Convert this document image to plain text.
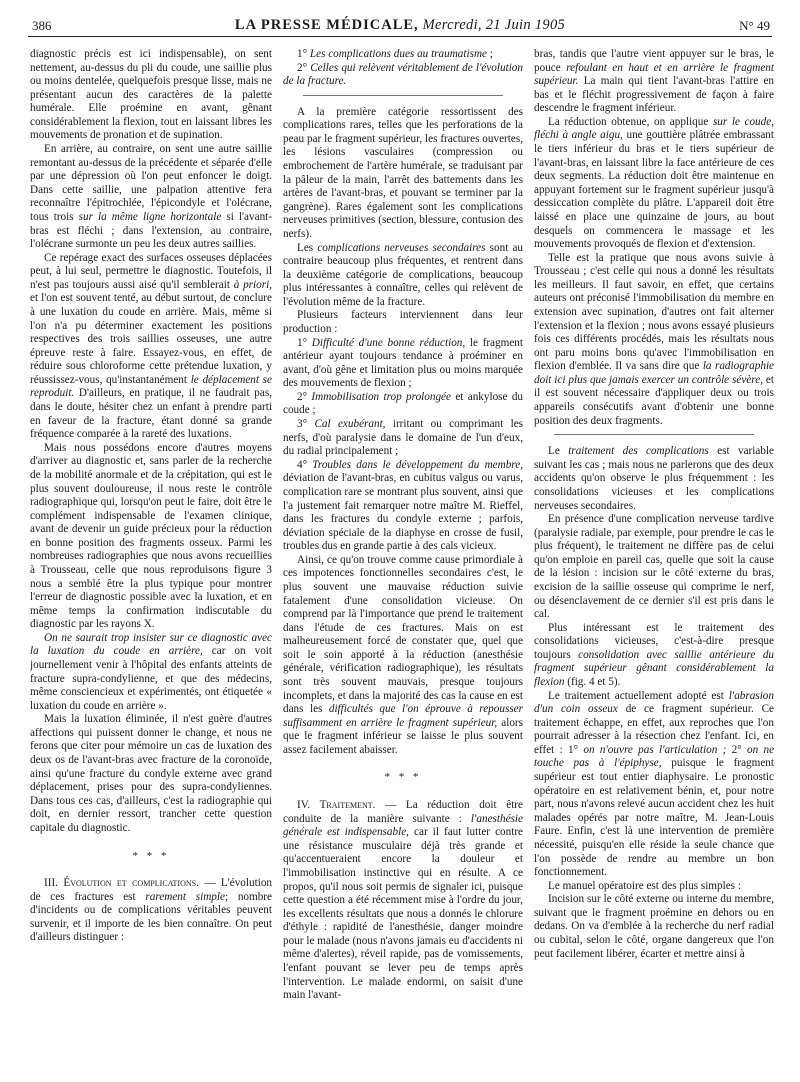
386	LA PRESSE MÉDICALE, Mercredi, 21 Juin 1905	N° 49

diagnostic précis est ici indispensable), on sent nettement, au-dessus du pli du coude, une saillie plus ou moins dentelée, quelquefois presque lisse, mais ne présentant aucun des caractères de la palette humérale. Elle proémine en avant, gênant considérablement la flexion, tout en laissant libres les mouvements de pronation et de supination.

En arrière, au contraire, on sent une autre saillie remontant au-dessus de la précédente et séparée d'elle par une dépression où l'on peut enfoncer le doigt. Dans cette saillie, une palpation attentive fera reconnaître l'épitrochlée, l'épicondyle et l'olécrane, tous trois sur la même ligne horizontale si l'avant-bras est fléchi ; dans l'extension, au contraire, l'olécrane surmonte un peu les deux autres saillies.

Ce repérage exact des surfaces osseuses déplacées peut, à lui seul, permettre le diagnostic. Toutefois, il n'est pas toujours aussi aisé qu'il semblerait à priori, et l'on est souvent tenté, au début surtout, de conclure à une luxation du coude en arrière. Mais, même si l'on n'a pu déterminer exactement les positions respectives des trois saillies osseuses, une autre épreuve reste à faire. Essayez-vous, en effet, de réduire sous chloroforme cette prétendue luxation, y réussissez-vous, qu'instantanément le déplacement se reproduit. D'ailleurs, en pratique, il ne faudrait pas, dans le doute, hésiter chez un enfant à prendre parti en faveur de la fracture, étant donné sa grande fréquence comparée à la rareté des luxations.

Mais nous possédons encore d'autres moyens d'arriver au diagnostic et, sans parler de la recherche de la mobilité anormale et de la crépitation, qui est le plus souvent douloureuse, il nous reste le contrôle radiographique qui, lorsqu'on peut le faire, doit être le complément indispensable de l'examen clinique, avant de devenir un guide précieux pour la réduction en bonne position des fragments osseux. Parmi les nombreuses radiographies que nous avons recueillies à Trousseau, celle que nous reproduisons figure 3 nous a semblé être la plus typique pour montrer l'erreur de diagnostic possible avec la luxation, et en même temps la confirmation indiscutable du diagnostic par les rayons X.

On ne saurait trop insister sur ce diagnostic avec la luxation du coude en arrière, car on voit journellement venir à l'hôpital des enfants atteints de fracture supra-condylienne, et que des médecins, même consciencieux et expérimentés, ont étiquetée « luxation du coude en arrière ».

Mais la luxation éliminée, il n'est guère d'autres affections qui puissent donner le change, et nous ne ferons que citer pour mémoire un cas de luxation des deux os de l'avant-bras avec fracture de la coronoïde, ainsi qu'une fracture du condyle externe avec grand déplacement, prises pour des supra-condyliennes. Dans tous ces cas, d'ailleurs, c'est la radiographie qui doit, en dernier ressort, trancher cette question capitale du diagnostic.

* * *

III. Évolution et complications. — L'évolution de ces fractures est rarement simple; nombre d'incidents ou de complications véritables peuvent survenir, et il importe de les bien connaître. On peut d'ailleurs distinguer :

1° Les complications dues au traumatisme ;

2° Celles qui relèvent véritablement de l'évolution de la fracture.

A la première catégorie ressortissent des complications rares, telles que les perforations de la peau par le fragment supérieur, les fractures ouvertes, les lésions vasculaires (compression ou embrochement de l'artère humérale, se traduisant par la pâleur de la main, l'arrêt des battements dans les artères de l'avant-bras, et pouvant se terminer par la gangrène). Rares également sont les complications nerveuses primitives (section, blessure, contusion des nerfs).

Les complications nerveuses secondaires sont au contraire beaucoup plus fréquentes, et rentrent dans la deuxième catégorie de complications, beaucoup plus intéressantes à connaître, celles qui relèvent de l'évolution même de la fracture.

Plusieurs facteurs interviennent dans leur production :

1° Difficulté d'une bonne réduction, le fragment antérieur ayant toujours tendance à proéminer en avant, d'où gêne et limitation plus ou moins marquée des mouvements de flexion ;

2° Immobilisation trop prolongée et ankylose du coude ;

3° Cal exubérant, irritant ou comprimant les nerfs, d'où paralysie dans le domaine de l'un d'eux, du radial principalement ;

4° Troubles dans le développement du membre, déviation de l'avant-bras, en cubitus valgus ou varus, complication rare se montrant plus souvent, ainsi que l'a justement fait remarquer notre maître M. Rieffel, dans les fractures du condyle externe ; parfois, déviation spéciale de la diaphyse en crosse de fusil, troubles dus en grande partie à des cals vicieux.

Ainsi, ce qu'on trouve comme cause primordiale à ces impotences fonctionnelles secondaires c'est, le plus souvent une mauvaise réduction suivie fatalement d'une consolidation vicieuse. On comprend par là l'importance que prend le traitement dans l'étude de ces fractures. Mais on est malheureusement forcé de constater que, quel que soit le soin apporté à la réduction (anesthésie générale, vérification radiographique), les résultats sont très souvent mauvais, presque toujours incomplets, et dans la majorité des cas la cause en est dans les difficultés que l'on éprouve à repousser suffisamment en arrière le fragment supérieur, alors que le fragment inférieur se laisse le plus souvent assez facilement abaisser.

* * *

IV. Traitement. — La réduction doit être conduite de la manière suivante : l'anesthésie générale est indispensable, car il faut lutter contre une résistance musculaire déjà très grande et qu'accentueraient encore la douleur et l'immobilisation instinctive qui en résulte. A ce propos, qu'il nous soit permis de signaler ici, puisque cette question a été récemment mise à l'ordre du jour, les excellents résultats que nous a donnés le chlorure d'éthyle : rapidité de l'anesthésie, danger moindre pour le malade (nous n'avons jamais eu d'accidents ni même d'alertes), réveil rapide, pas de vomissements, l'enfant pouvant se lever peu de temps après l'intervention. Le malade endormi, on saisit d'une main l'avant-

bras, tandis que l'autre vient appuyer sur le bras, le pouce refoulant en haut et en arrière le fragment supérieur. La main qui tient l'avant-bras l'attire en bas et le fléchit progressivement de façon à faire descendre le fragment inférieur.

La réduction obtenue, on applique sur le coude, fléchi à angle aigu, une gouttière plâtrée embrassant le tiers inférieur du bras et le tiers supérieur de l'avant-bras, en laissant libre la face antérieure de ces deux segments. La réduction doit être maintenue en appuyant fortement sur le fragment supérieur jusqu'à dessiccation complète du plâtre. L'appareil doit être laissé en place une quinzaine de jours, au bout desquels on commencera le massage et les mouvements provoqués de flexion et d'extension.

Telle est la pratique que nous avons suivie à Trousseau ; c'est celle qui nous a donné les résultats les meilleurs. Il faut savoir, en effet, que certains auteurs ont préconisé l'immobilisation du membre en extension avec supination, d'autres ont fait alterner l'extension et la flexion ; nous avons essayé plusieurs fois ces différents procédés, mais les résultats nous ont paru moins bons qu'avec l'immobilisation en flexion d'emblée. Il va sans dire que la radiographie doit ici plus que jamais exercer un contrôle sévère, et il est souvent nécessaire d'appliquer deux ou trois appareils consécutifs avant d'obtenir une bonne position des deux fragments.

Le traitement des complications est variable suivant les cas ; mais nous ne parlerons que des deux accidents qu'on observe le plus fréquemment : les consolidations vicieuses et les complications nerveuses secondaires.

En présence d'une complication nerveuse tardive (paralysie radiale, par exemple, pour prendre le cas le plus fréquent), le traitement ne diffère pas de celui qu'on emploie en pareil cas, quelle que soit la cause de la lésion : incision sur le côté externe du bras, excision de la saillie osseuse qui comprime le nerf, ou désenclavement de ce dernier s'il est pris dans le cal.

Plus intéressant est le traitement des consolidations vicieuses, c'est-à-dire presque toujours consolidation avec saillie antérieure du fragment supérieur gênant considérablement la flexion (fig. 4 et 5).

Le traitement actuellement adopté est l'abrasion d'un coin osseux de ce fragment supérieur. Ce traitement échappe, en effet, aux reproches que l'on pourrait adresser à la résection chez l'enfant. Ici, en effet : 1° on n'ouvre pas l'articulation ; 2° on ne touche pas à l'épiphyse, puisque le fragment supérieur est tout entier diaphysaire. Le pronostic opératoire en est relativement bénin, et, pour notre part, nous n'avons relevé aucun accident chez les huit malades opérés par notre maître, M. Jean-Louis Faure. Enfin, c'est là une intervention de première nécessité, puisqu'en elle réside la seule chance que l'on possède de rendre au membre un bon fonctionnement.

Le manuel opératoire est des plus simples :

Incision sur le côté externe ou interne du membre, suivant que le fragment proémine en dehors ou en dedans. On va d'emblée à la recherche du nerf radial ou cubital, selon le côté, organe dangereux que l'on peut facilement libérer, écarter et mettre ainsi à
